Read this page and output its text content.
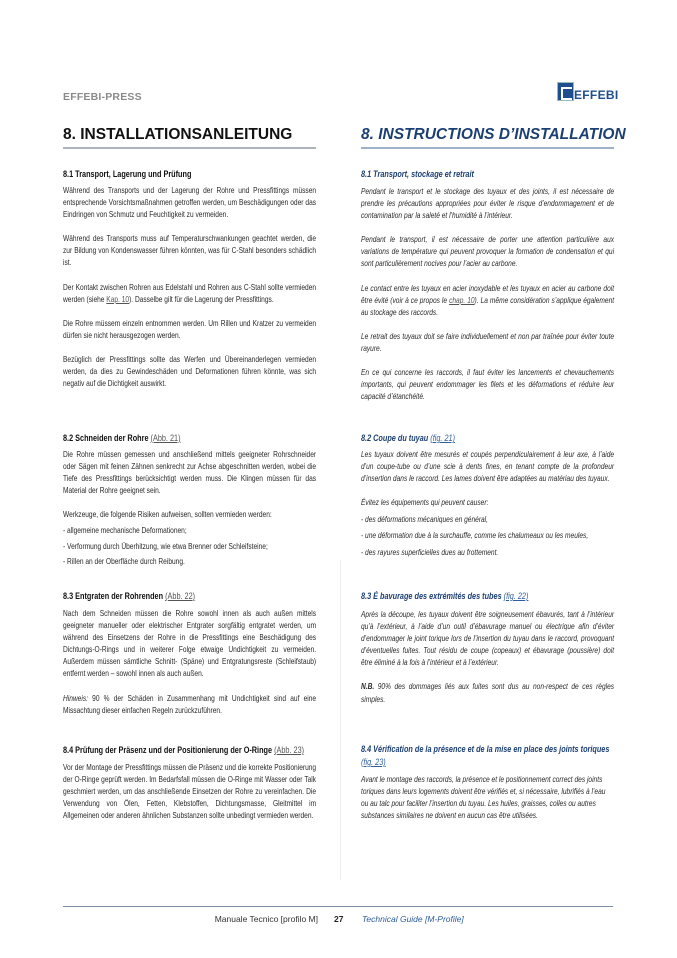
EFFEBI-PRESS	EFFEBI
8. INSTALLATIONSANLEITUNG	8. INSTRUCTIONS D’INSTALLATION
8.1 Transport, Lagerung und Prüfung

Während des Transports und der Lagerung der Rohre und Pressfittings müssen entsprechende Vorsichtsmaßnahmen getroffen werden, um Beschädigungen oder das Eindringen von Schmutz und Feuchtigkeit zu vermeiden.

Während des Transports muss auf Temperaturschwankungen geachtet werden, die zur Bildung von Kondenswasser führen könnten, was für C-Stahl besonders schädlich ist.

Der Kontakt zwischen Rohren aus Edelstahl und Rohren aus C-Stahl sollte vermieden werden (siehe Kap. 10). Dasselbe gilt für die Lagerung der Pressfittings.

Die Rohre müssem einzeln entnommen werden. Um Rillen und Kratzer zu vermeiden dürfen sie nicht herausgezogen werden.

Bezüglich der Pressfittings sollte das Werfen und Übereinanderlegen vermieden werden, da dies zu Gewindeschäden und Deformationen führen könnte, was sich negativ auf die Dichtigkeit auswirkt.

8.2 Schneiden der Rohre (Abb. 21)

Die Rohre müssen gemessen und anschließend mittels geeigneter Rohrschneider oder Sägen mit feinen Zähnen senkrecht zur Achse abgeschnitten werden, wobei die Tiefe des Pressfittings berücksichtigt werden muss. Die Klingen müssen für das Material der Rohre geeignet sein.

Werkzeuge, die folgende Risiken aufweisen, sollten vermieden werden:

- allgemeine mechanische Deformationen;

- Verformung durch Überhitzung, wie etwa Brenner oder Schleifsteine;

- Rillen an der Oberfläche durch Reibung.

8.3 Entgraten der Rohrenden (Abb. 22)

Nach dem Schneiden müssen die Rohre sowohl innen als auch außen mittels geeigneter manueller oder elektrischer Entgrater sorgfältig entgratet werden, um während des Einsetzens der Rohre in die Pressfittings eine Beschädigung des Dichtungs-O-Rings und in weiterer Folge etwaige Undichtigkeit zu vermeiden. Außerdem müssen sämtliche Schnitt- (Späne) und Entgratungsreste (Schleifstaub) entfernt werden – sowohl innen als auch außen.

Hinweis: 90 % der Schäden in Zusammenhang mit Undichtigkeit sind auf eine Missachtung dieser einfachen Regeln zurückzuführen.

8.4 Prüfung der Präsenz und der Positionierung der O-Ringe (Abb. 23)

Vor der Montage der Pressfittings müssen die Präsenz und die korrekte Positionierung der O-Ringe geprüft werden. Im Bedarfsfall müssen die O-Ringe mit Wasser oder Talk geschmiert werden, um das anschließende Einsetzen der Rohre zu vereinfachen. Die Verwendung von Ölen, Fetten, Klebstoffen, Dichtungsmasse, Gleitmittel im Allgemeinen oder anderen ähnlichen Substanzen sollte unbedingt vermieden werden.

8.1 Transport, stockage et retrait

Pendant le transport et le stockage des tuyaux et des joints, il est nécessaire de prendre les précautions appropriées pour éviter le risque d’endommagement et de contamination par la saleté et l’humidité à l’intérieur.

Pendant le transport, il est nécessaire de porter une attention particulière aux variations de température qui peuvent provoquer la formation de condensation et qui sont particulièrement nocives pour l’acier au carbone.

Le contact entre les tuyaux en acier inoxydable et les tuyaux en acier au carbone doit être évité (voir à ce propos le chap. 10). La même considération s’applique également au stockage des raccords.

Le retrait des tuyaux doit se faire individuellement et non par traînée pour éviter toute rayure.

En ce qui concerne les raccords, il faut éviter les lancements et chevauchements importants, qui peuvent endommager les filets et les déformations et réduire leur capacité d’étanchéité.

8.2 Coupe du tuyau (fig. 21)

Les tuyaux doivent être mesurés et coupés perpendiculairement à leur axe, à l’aide d’un coupe-tube ou d’une scie à dents fines, en tenant compte de la profondeur d’insertion dans le raccord. Les lames doivent être adaptées au matériau des tuyaux.

Évitez les équipements qui peuvent causer:

- des déformations mécaniques en général,

- une déformation due à la surchauffe, comme les chalumeaux ou les meules,

- des rayures superficielles dues au frottement.

8.3 É bavurage des extrémités des tubes (fig. 22)

Après la découpe, les tuyaux doivent être soigneusement ébavurés, tant à l’intérieur qu’à l’extérieur, à l’aide d’un outil d’ébavurage manuel ou électrique afin d’éviter d’endommager le joint torique lors de l’insertion du tuyau dans le raccord, provoquant d’éventuelles fuites. Tout résidu de coupe (copeaux) et ébavurage (poussière) doit être éliminé à la fois à l’intérieur et à l’extérieur.

N.B. 90% des dommages liés aux fuites sont dus au non-respect de ces règles simples.

8.4 Vérification de la présence et de la mise en place des joints toriques (fig. 23)

Avant le montage des raccords, la présence et le positionnement correct des joints toriques dans leurs logements doivent être vérifiés et, si nécessaire, lubrifiés à l’eau ou au talc pour faciliter l’insertion du tuyau. Les huiles, graisses, colles ou autres substances similaires ne doivent en aucun cas être utilisées.

Manuale Tecnico [profilo M] 27 Technical Guide [M-Profile]
